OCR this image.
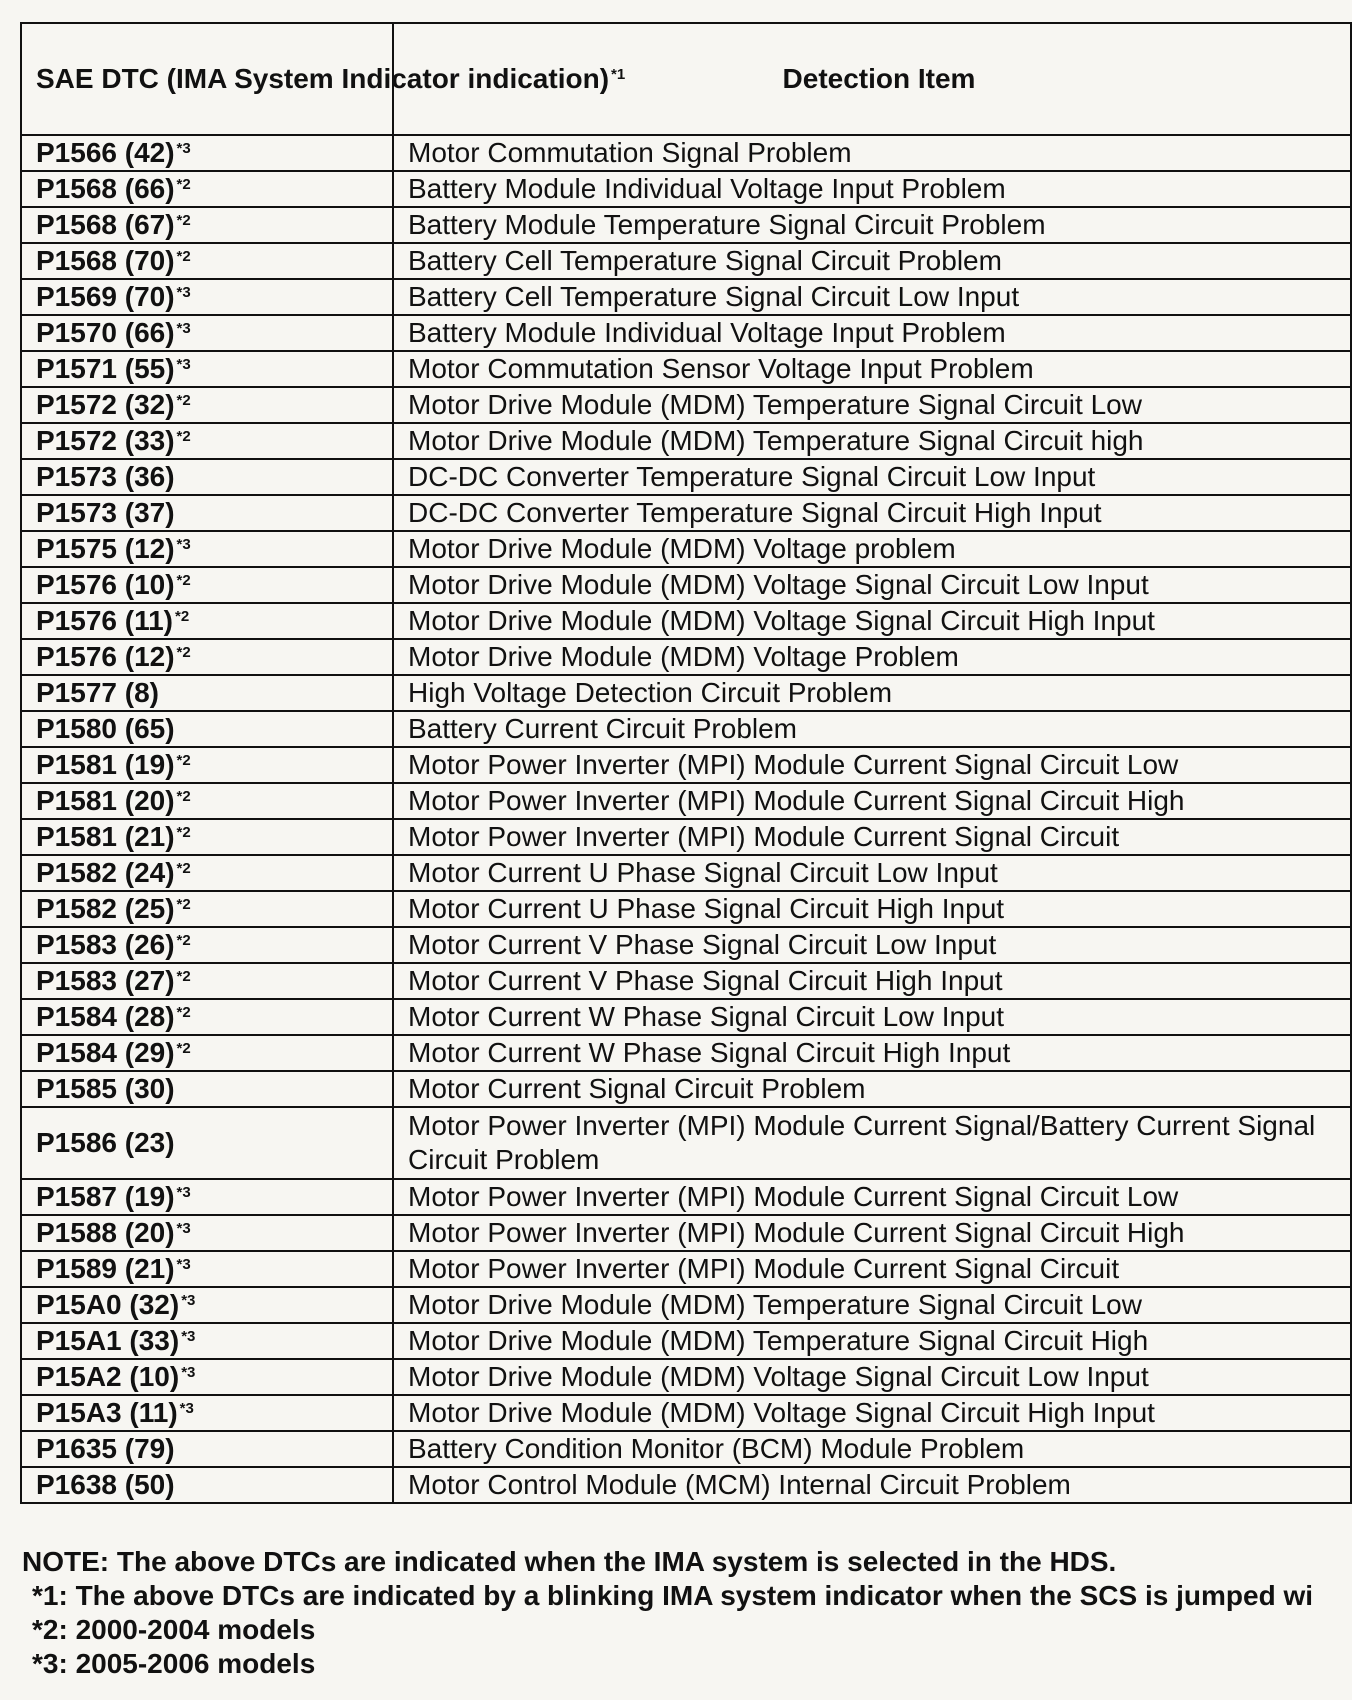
SAE DTC (IMA System Indicator indication) $^{*1}$	Detection Item
P1566 (42) $^{*3}$	Motor Commutation Signal Problem
P1568 (66) $^{*2}$	Battery Module Individual Voltage Input Problem
P1568 (67) $^{*2}$	Battery Module Temperature Signal Circuit Problem
P1568 (70) $^{*2}$	Battery Cell Temperature Signal Circuit Problem
P1569 (70) $^{*3}$	Battery Cell Temperature Signal Circuit Low Input
P1570 (66) $^{*3}$	Battery Module Individual Voltage Input Problem
P1571 (55) $^{*3}$	Motor Commutation Sensor Voltage Input Problem
P1572 (32) $^{*2}$	Motor Drive Module (MDM) Temperature Signal Circuit Low
P1572 (33) $^{*2}$	Motor Drive Module (MDM) Temperature Signal Circuit high
P1573 (36)	DC-DC Converter Temperature Signal Circuit Low Input
P1573 (37)	DC-DC Converter Temperature Signal Circuit High Input
P1575 (12) $^{*3}$	Motor Drive Module (MDM) Voltage problem
P1576 (10) $^{*2}$	Motor Drive Module (MDM) Voltage Signal Circuit Low Input
P1576 (11) $^{*2}$	Motor Drive Module (MDM) Voltage Signal Circuit High Input
P1576 (12) $^{*2}$	Motor Drive Module (MDM) Voltage Problem
P1577 (8)	High Voltage Detection Circuit Problem
P1580 (65)	Battery Current Circuit Problem
P1581 (19) $^{*2}$	Motor Power Inverter (MPI) Module Current Signal Circuit Low
P1581 (20) $^{*2}$	Motor Power Inverter (MPI) Module Current Signal Circuit High
P1581 (21) $^{*2}$	Motor Power Inverter (MPI) Module Current Signal Circuit
P1582 (24) $^{*2}$	Motor Current U Phase Signal Circuit Low Input
P1582 (25) $^{*2}$	Motor Current U Phase Signal Circuit High Input
P1583 (26) $^{*2}$	Motor Current V Phase Signal Circuit Low Input
P1583 (27) $^{*2}$	Motor Current V Phase Signal Circuit High Input
P1584 (28) $^{*2}$	Motor Current W Phase Signal Circuit Low Input
P1584 (29) $^{*2}$	Motor Current W Phase Signal Circuit High Input
P1585 (30)	Motor Current Signal Circuit Problem
P1586 (23)	Motor Power Inverter (MPI) Module Current Signal/Battery Current Signal Circuit Problem
P1587 (19) $^{*3}$	Motor Power Inverter (MPI) Module Current Signal Circuit Low
P1588 (20) $^{*3}$	Motor Power Inverter (MPI) Module Current Signal Circuit High
P1589 (21) $^{*3}$	Motor Power Inverter (MPI) Module Current Signal Circuit
P15A0 (32) $^{*3}$	Motor Drive Module (MDM) Temperature Signal Circuit Low
P15A1 (33) $^{*3}$	Motor Drive Module (MDM) Temperature Signal Circuit High
P15A2 (10) $^{*3}$	Motor Drive Module (MDM) Voltage Signal Circuit Low Input
P15A3 (11) $^{*3}$	Motor Drive Module (MDM) Voltage Signal Circuit High Input
P1635 (79)	Battery Condition Monitor (BCM) Module Problem
P1638 (50)	Motor Control Module (MCM) Internal Circuit Problem
NOTE: The above DTCs are indicated when the IMA system is selected in the HDS.
*1: The above DTCs are indicated by a blinking IMA system indicator when the SCS is jumped wi
*2: 2000-2004 models
*3: 2005-2006 models
